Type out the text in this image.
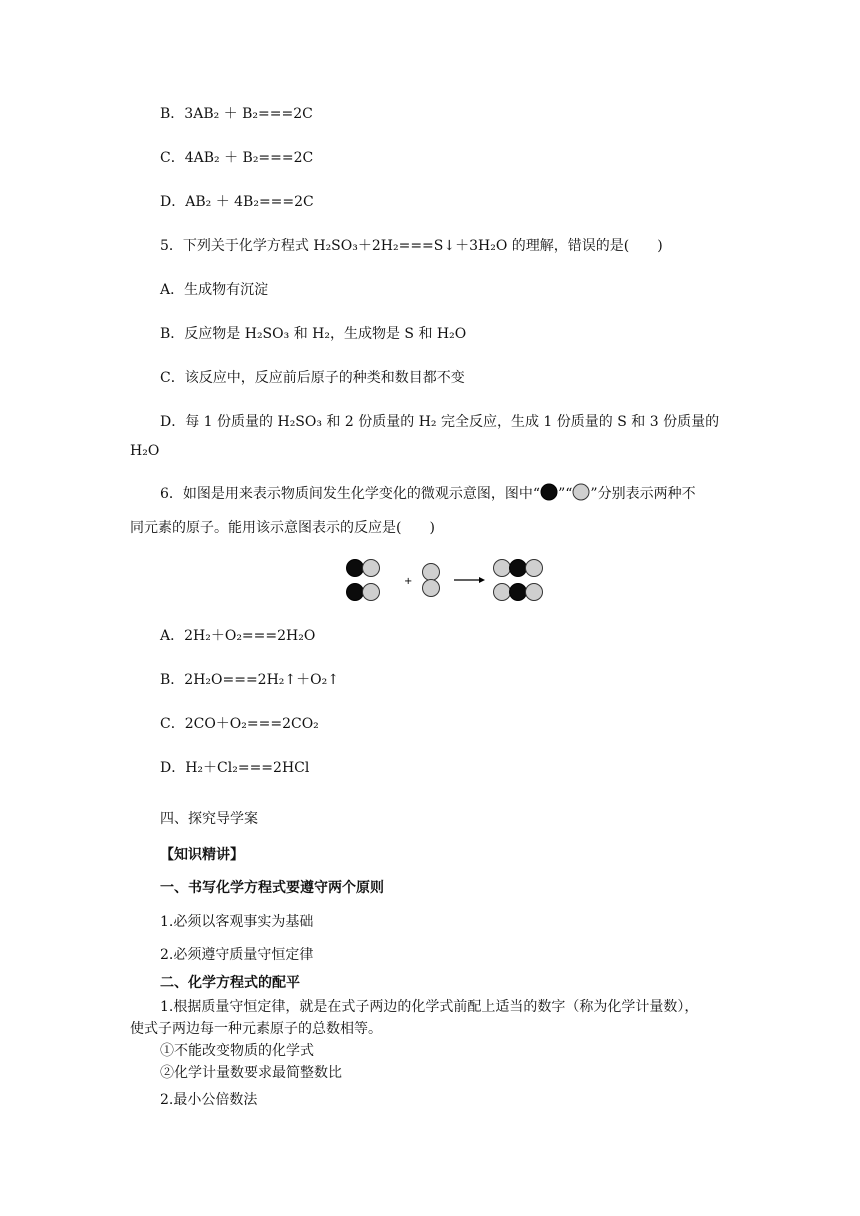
B．3AB₂ ＋ B₂===2C
C．4AB₂ ＋ B₂===2C
D．AB₂ ＋ 4B₂===2C
5．下列关于化学方程式 H₂SO₃＋2H₂===S↓＋3H₂O 的理解，错误的是(　　)
A．生成物有沉淀
B．反应物是 H₂SO₃ 和 H₂，生成物是 S 和 H₂O
C．该反应中，反应前后原子的种类和数目都不变
D．每 1 份质量的 H₂SO₃ 和 2 份质量的 H₂ 完全反应，生成 1 份质量的 S 和 3 份质量的
H₂O
6．如图是用来表示物质间发生化学变化的微观示意图，图中“ ”“ ”分别表示两种不
同元素的原子。能用该示意图表示的反应是(　　)
+
A．2H₂＋O₂===2H₂O
B．2H₂O===2H₂↑＋O₂↑
C．2CO＋O₂===2CO₂
D．H₂＋Cl₂===2HCl
四、探究导学案
【知识精讲】
一、书写化学方程式要遵守两个原则
1.必须以客观事实为基础
2.必须遵守质量守恒定律
二、化学方程式的配平
1.根据质量守恒定律，就是在式子两边的化学式前配上适当的数字（称为化学计量数），
使式子两边每一种元素原子的总数相等。
①不能改变物质的化学式
②化学计量数要求最简整数比
2.最小公倍数法
